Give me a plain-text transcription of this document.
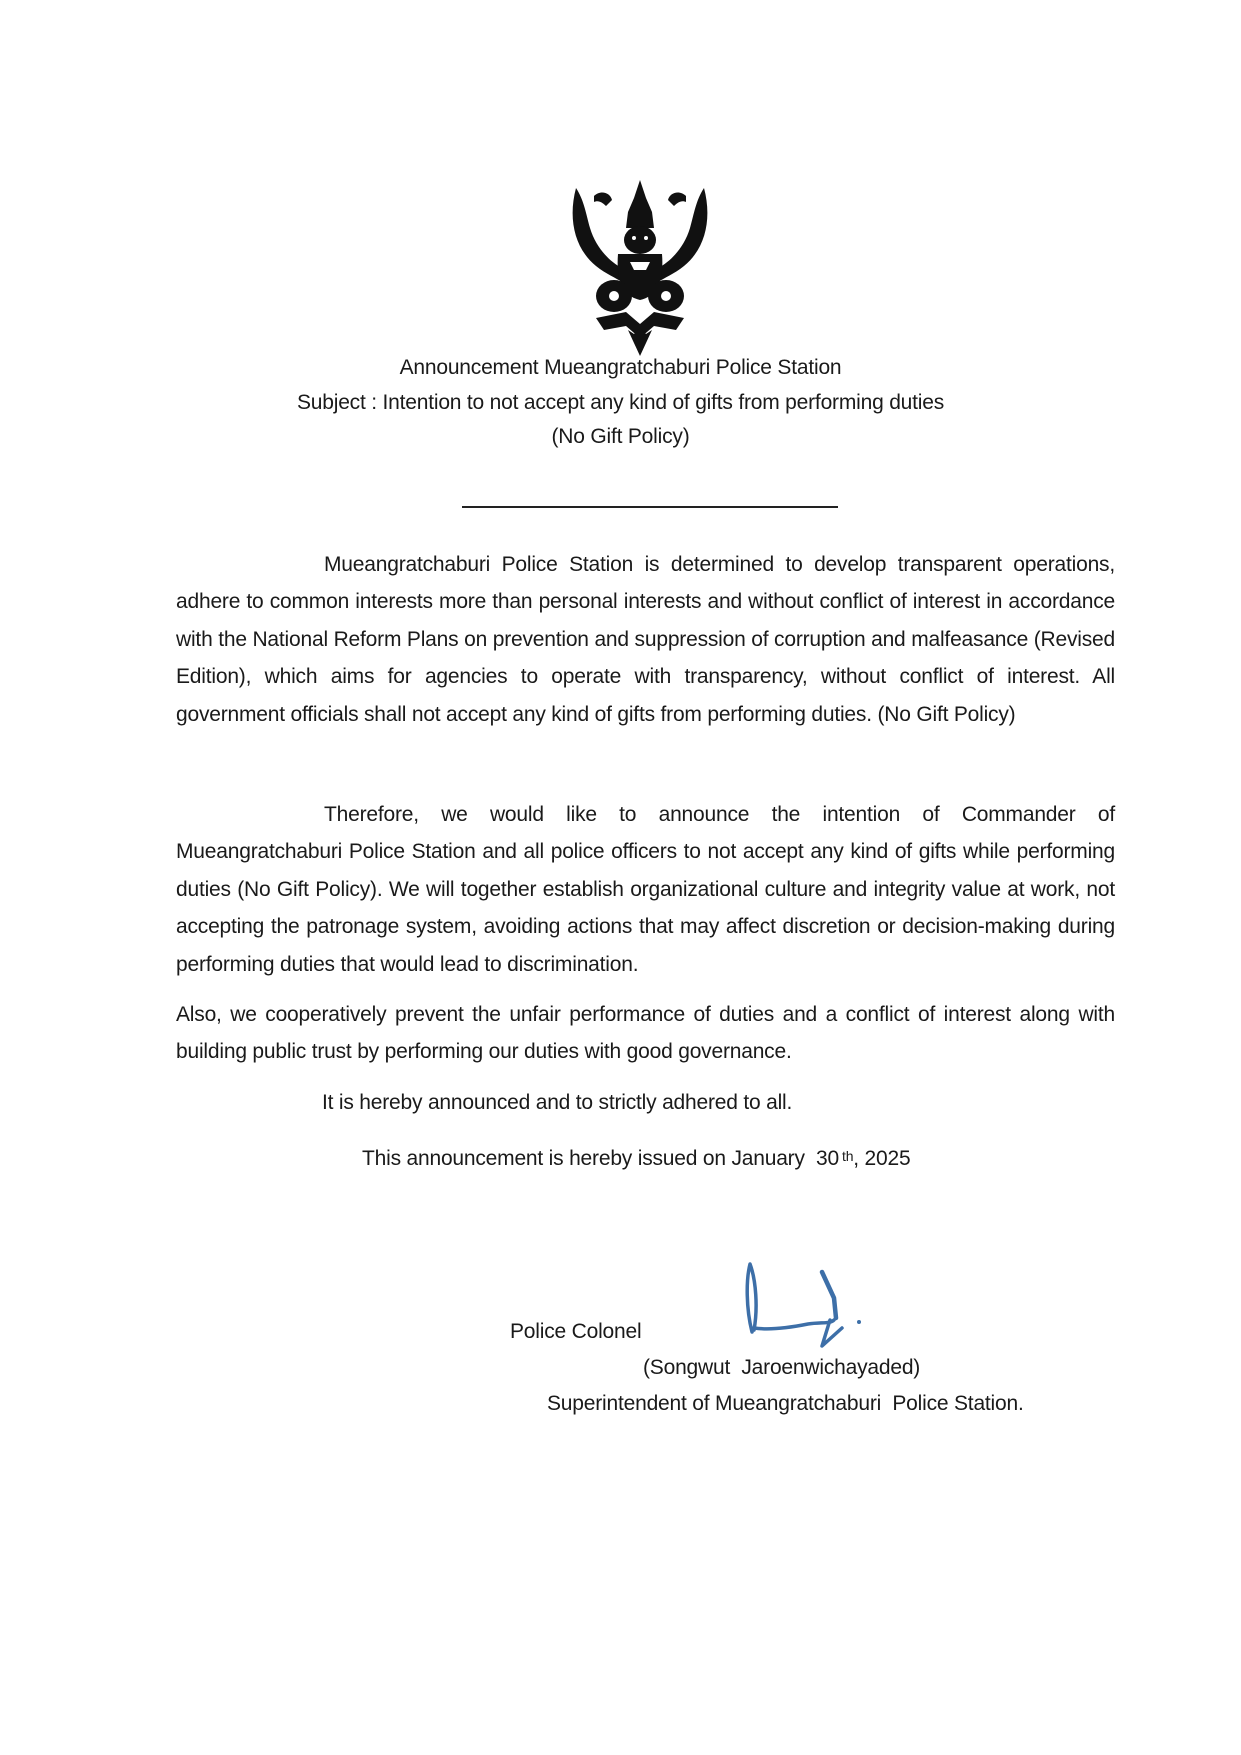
Announcement Mueangratchaburi Police Station
Subject : Intention to not accept any kind of gifts from performing duties
(No Gift Policy)
Mueangratchaburi Police Station is determined to develop transparent operations, adhere to common interests more than personal interests and without conflict of interest in accordance with the National Reform Plans on prevention and suppression of corruption and malfeasance (Revised Edition), which aims for agencies to operate with transparency, without conflict of interest. All government officials shall not accept any kind of gifts from performing duties. (No Gift Policy)
Therefore, we would like to announce the intention of Commander of Mueangratchaburi Police Station and all police officers to not accept any kind of gifts while performing duties (No Gift Policy). We will together establish organizational culture and integrity value at work, not accepting the patronage system, avoiding actions that may affect discretion or decision-making during performing duties that would lead to discrimination.
Also, we cooperatively prevent the unfair performance of duties and a conflict of interest along with building public trust by performing our duties with good governance.
It is hereby announced and to strictly adhered to all.
This announcement is hereby issued on January  30 $^{th}$, 2025
Police Colonel
(Songwut  Jaroenwichayaded)
Superintendent of Mueangratchaburi  Police Station.
